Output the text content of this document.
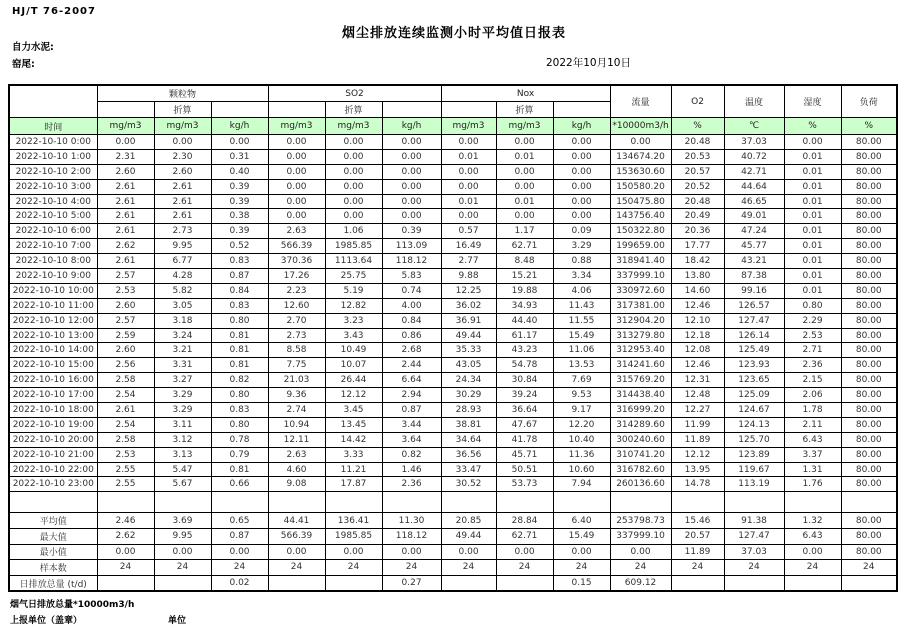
HJ/T 76-2007
烟尘排放连续监测小时平均值日报表
自力水泥:
窑尾:	2022年10月10日
	颗粒物			SO2			Nox			流量	O2	温度	湿度	负荷
		折算			折算			折算						
时间	mg/m3	mg/m3	kg/h	mg/m3	mg/m3	kg/h	mg/m3	mg/m3	kg/h	*10000m3/h	%	℃	%	%
2022-10-10 0:00	0.00	0.00	0.00	0.00	0.00	0.00	0.00	0.00	0.00	0.00	20.48	37.03	0.00	80.00
2022-10-10 1:00	2.31	2.30	0.31	0.00	0.00	0.00	0.01	0.01	0.00	134674.20	20.53	40.72	0.01	80.00
2022-10-10 2:00	2.60	2.60	0.40	0.00	0.00	0.00	0.00	0.00	0.00	153630.60	20.57	42.71	0.01	80.00
2022-10-10 3:00	2.61	2.61	0.39	0.00	0.00	0.00	0.00	0.00	0.00	150580.20	20.52	44.64	0.01	80.00
2022-10-10 4:00	2.61	2.61	0.39	0.00	0.00	0.00	0.01	0.01	0.00	150475.80	20.48	46.65	0.01	80.00
2022-10-10 5:00	2.61	2.61	0.38	0.00	0.00	0.00	0.00	0.00	0.00	143756.40	20.49	49.01	0.01	80.00
2022-10-10 6:00	2.61	2.73	0.39	2.63	1.06	0.39	0.57	1.17	0.09	150322.80	20.36	47.24	0.01	80.00
2022-10-10 7:00	2.62	9.95	0.52	566.39	1985.85	113.09	16.49	62.71	3.29	199659.00	17.77	45.77	0.01	80.00
2022-10-10 8:00	2.61	6.77	0.83	370.36	1113.64	118.12	2.77	8.48	0.88	318941.40	18.42	43.21	0.01	80.00
2022-10-10 9:00	2.57	4.28	0.87	17.26	25.75	5.83	9.88	15.21	3.34	337999.10	13.80	87.38	0.01	80.00
2022-10-10 10:00	2.53	5.82	0.84	2.23	5.19	0.74	12.25	19.88	4.06	330972.60	14.60	99.16	0.01	80.00
2022-10-10 11:00	2.60	3.05	0.83	12.60	12.82	4.00	36.02	34.93	11.43	317381.00	12.46	126.57	0.80	80.00
2022-10-10 12:00	2.57	3.18	0.80	2.70	3.23	0.84	36.91	44.40	11.55	312904.20	12.10	127.47	2.29	80.00
2022-10-10 13:00	2.59	3.24	0.81	2.73	3.43	0.86	49.44	61.17	15.49	313279.80	12.18	126.14	2.53	80.00
2022-10-10 14:00	2.60	3.21	0.81	8.58	10.49	2.68	35.33	43.23	11.06	312953.40	12.08	125.49	2.71	80.00
2022-10-10 15:00	2.56	3.31	0.81	7.75	10.07	2.44	43.05	54.78	13.53	314241.60	12.46	123.93	2.36	80.00
2022-10-10 16:00	2.58	3.27	0.82	21.03	26.44	6.64	24.34	30.84	7.69	315769.20	12.31	123.65	2.15	80.00
2022-10-10 17:00	2.54	3.29	0.80	9.36	12.12	2.94	30.29	39.24	9.53	314438.40	12.48	125.09	2.06	80.00
2022-10-10 18:00	2.61	3.29	0.83	2.74	3.45	0.87	28.93	36.64	9.17	316999.20	12.27	124.67	1.78	80.00
2022-10-10 19:00	2.54	3.11	0.80	10.94	13.45	3.44	38.81	47.67	12.20	314289.60	11.99	124.13	2.11	80.00
2022-10-10 20:00	2.58	3.12	0.78	12.11	14.42	3.64	34.64	41.78	10.40	300240.60	11.89	125.70	6.43	80.00
2022-10-10 21:00	2.53	3.13	0.79	2.63	3.33	0.82	36.56	45.71	11.36	310741.20	12.12	123.89	3.37	80.00
2022-10-10 22:00	2.55	5.47	0.81	4.60	11.21	1.46	33.47	50.51	10.60	316782.60	13.95	119.67	1.31	80.00
2022-10-10 23:00	2.55	5.67	0.66	9.08	17.87	2.36	30.52	53.73	7.94	260136.60	14.78	113.19	1.76	80.00

平均值	2.46	3.69	0.65	44.41	136.41	11.30	20.85	28.84	6.40	253798.73	15.46	91.38	1.32	80.00
最大值	2.62	9.95	0.87	566.39	1985.85	118.12	49.44	62.71	15.49	337999.10	20.57	127.47	6.43	80.00
最小值	0.00	0.00	0.00	0.00	0.00	0.00	0.00	0.00	0.00	0.00	11.89	37.03	0.00	80.00
样本数	24	24	24	24	24	24	24	24	24	24	24	24	24	24
日排放总量 (t/d)			0.02			0.27			0.15	609.12				
烟气日排放总量*10000m3/h
上报单位（盖章）	单位
